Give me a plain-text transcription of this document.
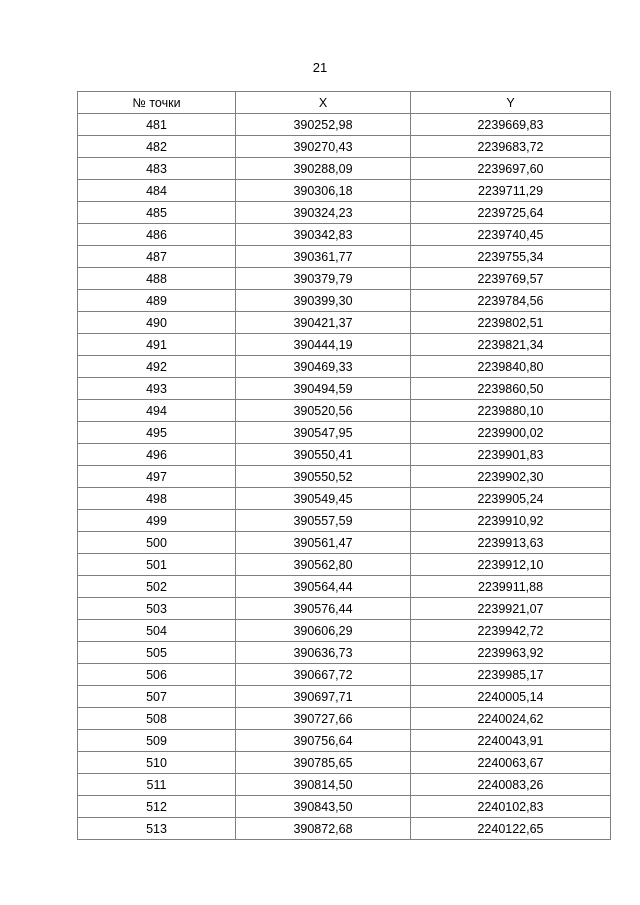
21
№ точки	X	Y
481	390252,98	2239669,83
482	390270,43	2239683,72
483	390288,09	2239697,60
484	390306,18	2239711,29
485	390324,23	2239725,64
486	390342,83	2239740,45
487	390361,77	2239755,34
488	390379,79	2239769,57
489	390399,30	2239784,56
490	390421,37	2239802,51
491	390444,19	2239821,34
492	390469,33	2239840,80
493	390494,59	2239860,50
494	390520,56	2239880,10
495	390547,95	2239900,02
496	390550,41	2239901,83
497	390550,52	2239902,30
498	390549,45	2239905,24
499	390557,59	2239910,92
500	390561,47	2239913,63
501	390562,80	2239912,10
502	390564,44	2239911,88
503	390576,44	2239921,07
504	390606,29	2239942,72
505	390636,73	2239963,92
506	390667,72	2239985,17
507	390697,71	2240005,14
508	390727,66	2240024,62
509	390756,64	2240043,91
510	390785,65	2240063,67
511	390814,50	2240083,26
512	390843,50	2240102,83
513	390872,68	2240122,65
